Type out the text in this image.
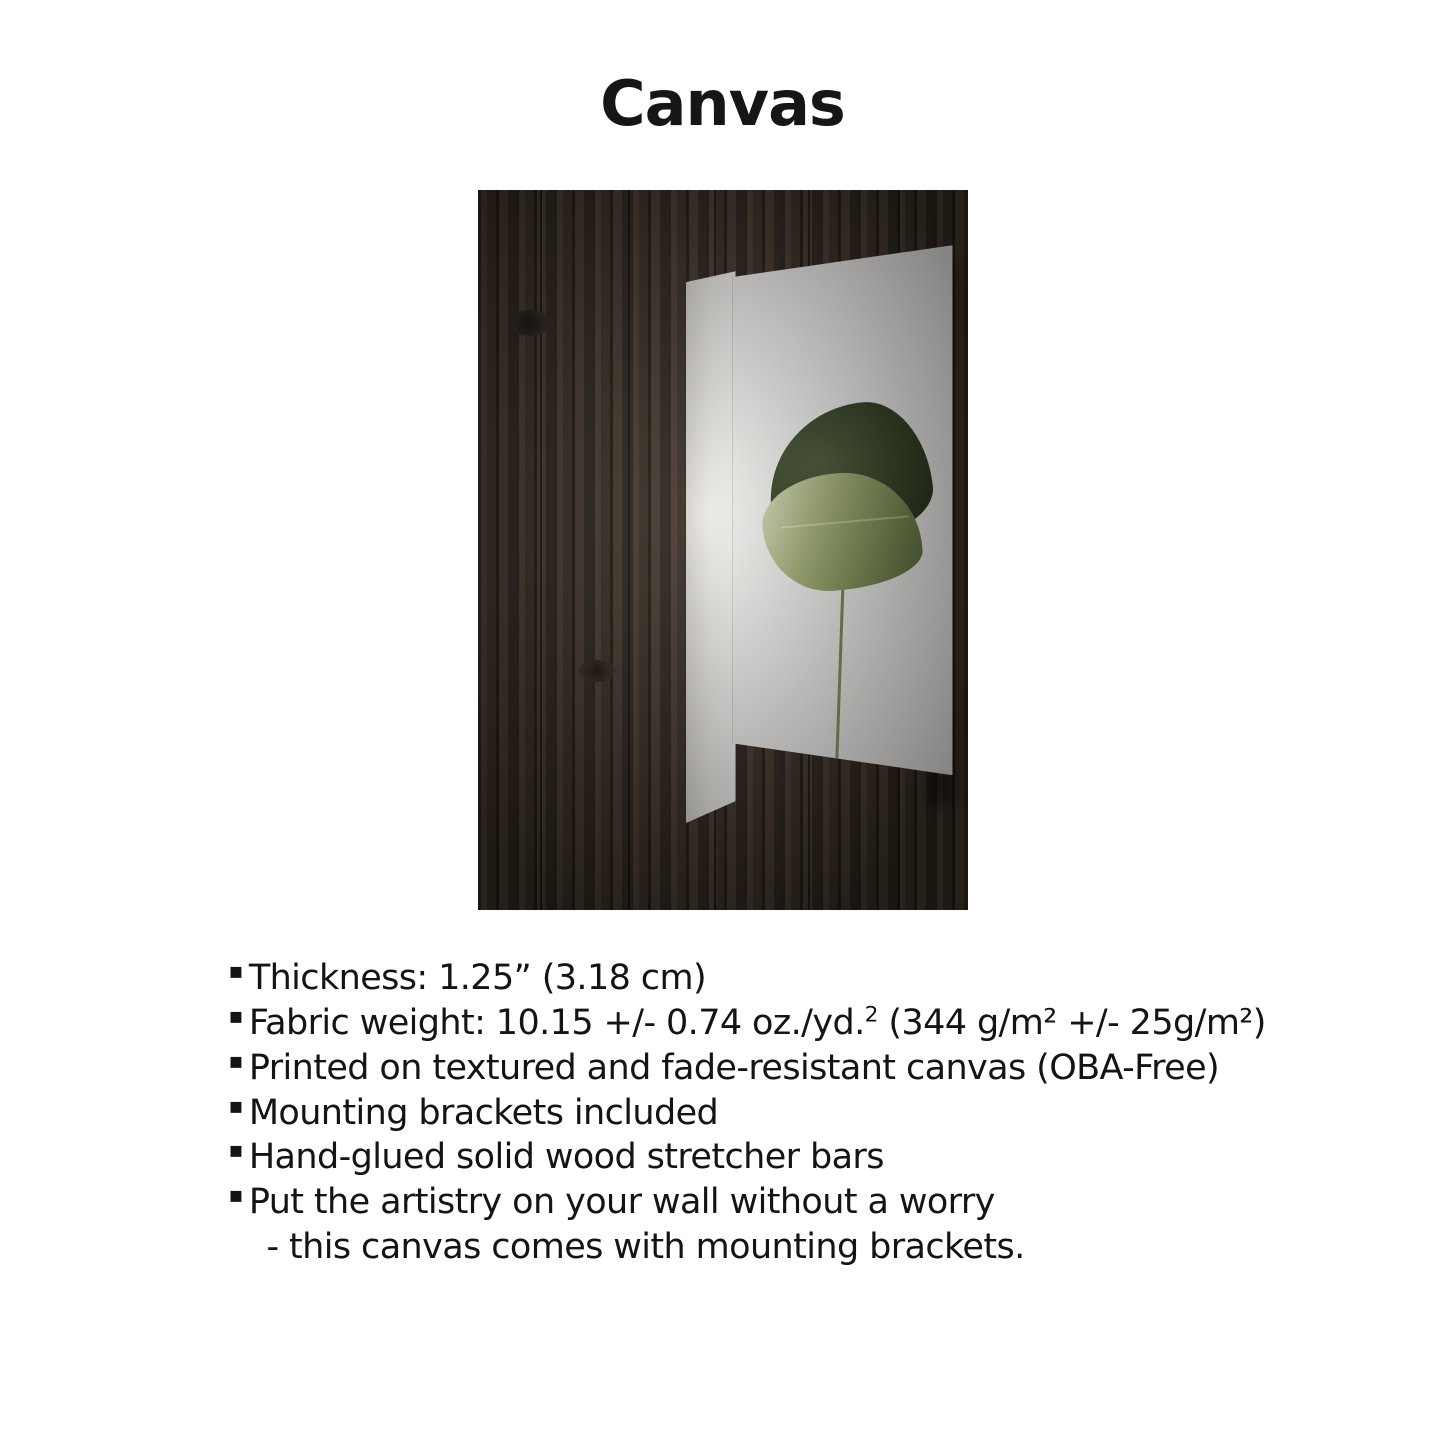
Canvas
▪ Thickness: 1.25” (3.18 cm)
▪ Fabric weight: 10.15 +/- 0.74 oz./yd.$^2$ (344 g/m² +/- 25g/m²)
▪ Printed on textured and fade-resistant canvas (OBA-Free)
▪ Mounting brackets included
▪ Hand-glued solid wood stretcher bars
▪ Put the artistry on your wall without a worry
- this canvas comes with mounting brackets.
